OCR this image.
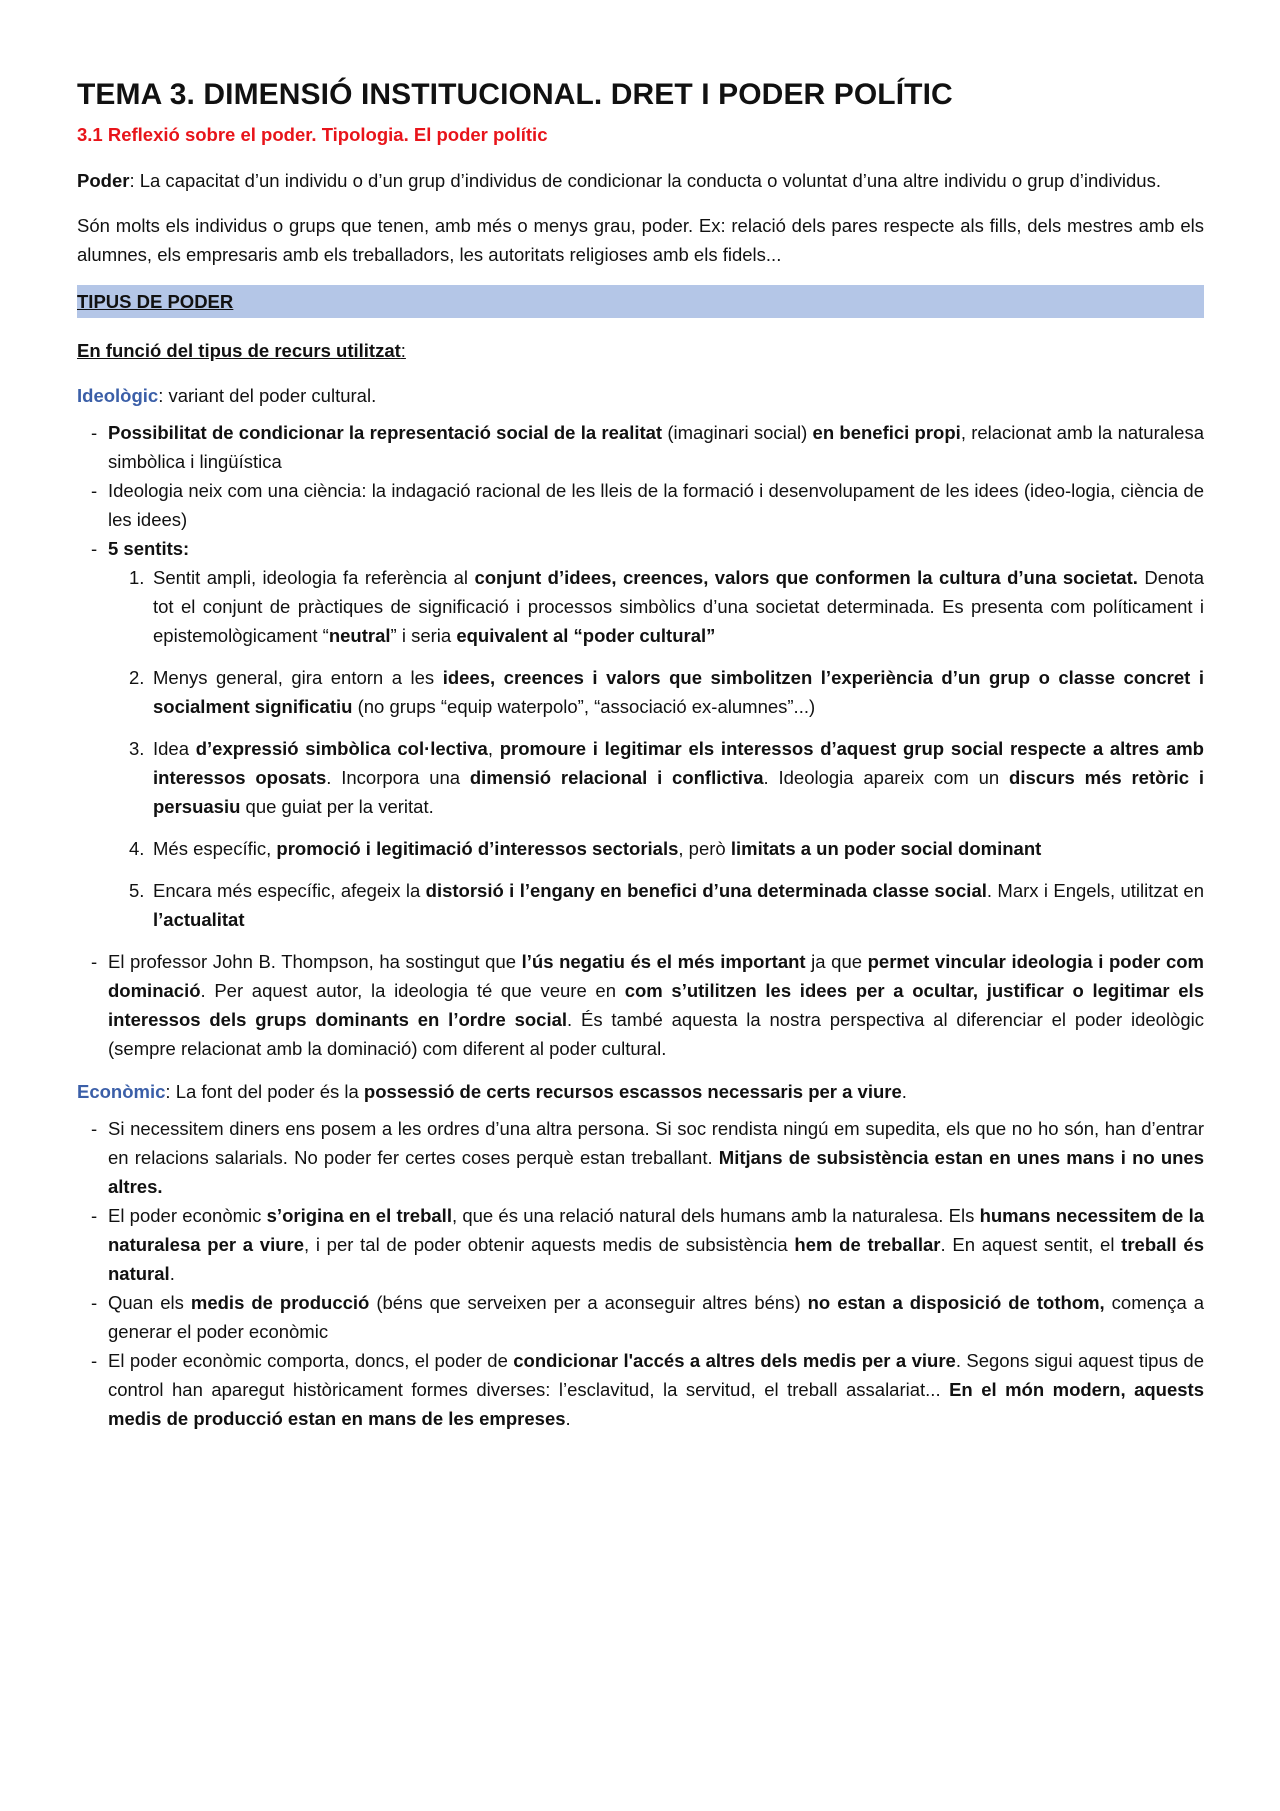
TEMA 3. DIMENSIÓ INSTITUCIONAL. DRET I PODER POLÍTIC
3.1 Reflexió sobre el poder. Tipologia. El poder polític

Poder: La capacitat d’un individu o d’un grup d’individus de condicionar la conducta o voluntat d’una altre individu o grup d’individus.

Són molts els individus o grups que tenen, amb més o menys grau, poder. Ex: relació dels pares respecte als fills, dels mestres amb els alumnes, els empresaris amb els treballadors, les autoritats religioses amb els fidels...

TIPUS DE PODER
En funció del tipus de recurs utilitzat:

Ideològic: variant del poder cultural.

- Possibilitat de condicionar la representació social de la realitat (imaginari social) en benefici propi, relacionat amb la naturalesa simbòlica i lingüística
- Ideologia neix com una ciència: la indagació racional de les lleis de la formació i desenvolupament de les idees (ideo-logia, ciència de les idees)
- 5 sentits:
1. Sentit ampli, ideologia fa referència al conjunt d’idees, creences, valors que conformen la cultura d’una societat. Denota tot el conjunt de pràctiques de significació i processos simbòlics d’una societat determinada. Es presenta com políticament i epistemològicament “neutral” i seria equivalent al “poder cultural”
2. Menys general, gira entorn a les idees, creences i valors que simbolitzen l’experiència d’un grup o classe concret i socialment significatiu (no grups “equip waterpolo”, “associació ex-alumnes”...)
3. Idea d’expressió simbòlica col·lectiva, promoure i legitimar els interessos d’aquest grup social respecte a altres amb interessos oposats. Incorpora una dimensió relacional i conflictiva. Ideologia apareix com un discurs més retòric i persuasiu que guiat per la veritat.
4. Més específic, promoció i legitimació d’interessos sectorials, però limitats a un poder social dominant
5. Encara més específic, afegeix la distorsió i l’engany en benefici d’una determinada classe social. Marx i Engels, utilitzat en l’actualitat
- El professor John B. Thompson, ha sostingut que l’ús negatiu és el més important ja que permet vincular ideologia i poder com dominació. Per aquest autor, la ideologia té que veure en com s’utilitzen les idees per a ocultar, justificar o legitimar els interessos dels grups dominants en l’ordre social. És també aquesta la nostra perspectiva al diferenciar el poder ideològic (sempre relacionat amb la dominació) com diferent al poder cultural.

Econòmic: La font del poder és la possessió de certs recursos escassos necessaris per a viure.

- Si necessitem diners ens posem a les ordres d’una altra persona. Si soc rendista ningú em supedita, els que no ho són, han d’entrar en relacions salarials. No poder fer certes coses perquè estan treballant. Mitjans de subsistència estan en unes mans i no unes altres.
- El poder econòmic s’origina en el treball, que és una relació natural dels humans amb la naturalesa. Els humans necessitem de la naturalesa per a viure, i per tal de poder obtenir aquests medis de subsistència hem de treballar. En aquest sentit, el treball és natural.
- Quan els medis de producció (béns que serveixen per a aconseguir altres béns) no estan a disposició de tothom, comença a generar el poder econòmic
- El poder econòmic comporta, doncs, el poder de condicionar l'accés a altres dels medis per a viure. Segons sigui aquest tipus de control han aparegut històricament formes diverses: l’esclavitud, la servitud, el treball assalariat... En el món modern, aquests medis de producció estan en mans de les empreses.
